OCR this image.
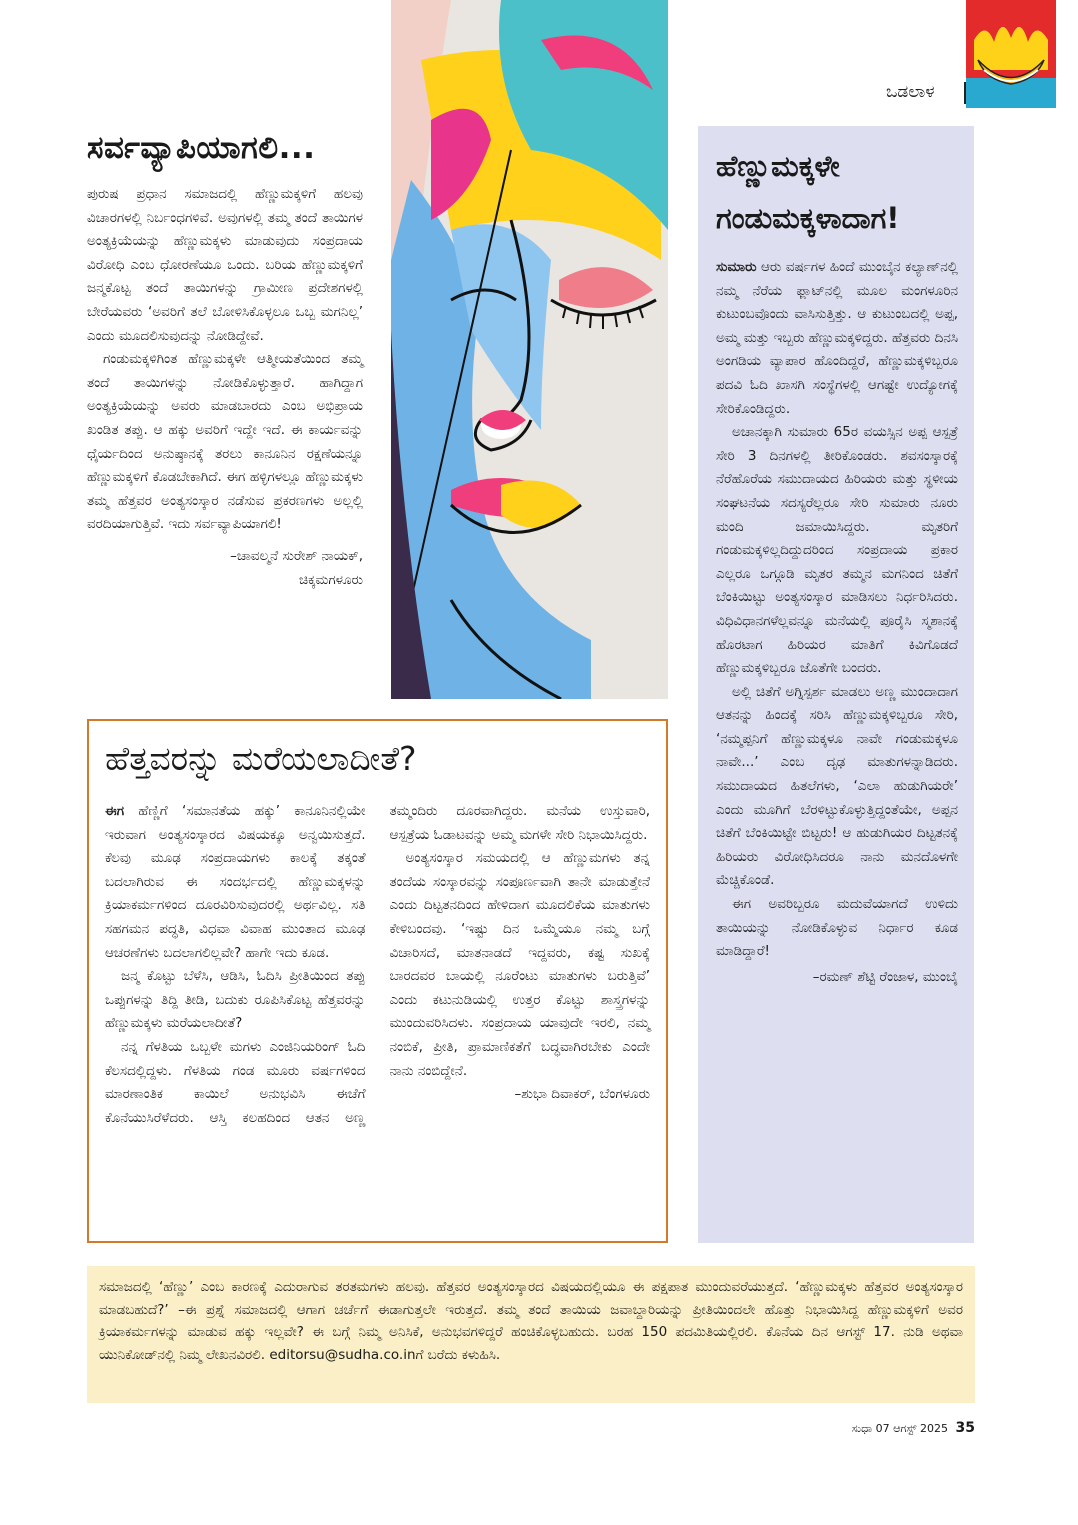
ಒಡಲಾಳ
ಸರ್ವವ್ಯಾಪಿಯಾಗಲಿ...

ಪುರುಷ ಪ್ರಧಾನ ಸಮಾಜದಲ್ಲಿ ಹೆಣ್ಣುಮಕ್ಕಳಿಗೆ ಹಲವು ವಿಚಾರಗಳಲ್ಲಿ ನಿರ್ಬಂಧಗಳಿವೆ. ಅವುಗಳಲ್ಲಿ ತಮ್ಮ ತಂದೆ ತಾಯಿಗಳ ಅಂತ್ಯಕ್ರಿಯೆಯನ್ನು ಹೆಣ್ಣುಮಕ್ಕಳು ಮಾಡುವುದು ಸಂಪ್ರದಾಯ ವಿರೋಧಿ ಎಂಬ ಧೋರಣೆಯೂ ಒಂದು. ಬರಿಯ ಹೆಣ್ಣುಮಕ್ಕಳಿಗೆ ಜನ್ಮಕೊಟ್ಟ ತಂದೆ ತಾಯಿಗಳನ್ನು ಗ್ರಾಮೀಣ ಪ್ರದೇಶಗಳಲ್ಲಿ ಬೇರೆಯವರು ‘ಅವರಿಗೆ ತಲೆ ಬೋಳಿಸಿಕೊಳ್ಳಲೂ ಒಬ್ಬ ಮಗನಿಲ್ಲ’ ಎಂದು ಮೂದಲಿಸುವುದನ್ನು ನೋಡಿದ್ದೇವೆ.

ಗಂಡುಮಕ್ಕಳಿಗಿಂತ ಹೆಣ್ಣುಮಕ್ಕಳೇ ಆತ್ಮೀಯತೆಯಿಂದ ತಮ್ಮ ತಂದೆ ತಾಯಿಗಳನ್ನು ನೋಡಿಕೊಳ್ಳುತ್ತಾರೆ. ಹಾಗಿದ್ದಾಗ ಅಂತ್ಯಕ್ರಿಯೆಯನ್ನು ಅವರು ಮಾಡಬಾರದು ಎಂಬ ಅಭಿಪ್ರಾಯ ಖಂಡಿತ ತಪ್ಪು. ಆ ಹಕ್ಕು ಅವರಿಗೆ ಇದ್ದೇ ಇದೆ. ಈ ಕಾರ್ಯವನ್ನು ಧೈರ್ಯದಿಂದ ಅನುಷ್ಠಾನಕ್ಕೆ ತರಲು ಕಾನೂನಿನ ರಕ್ಷಣೆಯನ್ನೂ ಹೆಣ್ಣುಮಕ್ಕಳಿಗೆ ಕೊಡಬೇಕಾಗಿದೆ. ಈಗ ಹಳ್ಳಿಗಳಲ್ಲೂ ಹೆಣ್ಣುಮಕ್ಕಳು ತಮ್ಮ ಹೆತ್ತವರ ಅಂತ್ಯಸಂಸ್ಕಾರ ನಡೆಸುವ ಪ್ರಕರಣಗಳು ಅಲ್ಲಲ್ಲಿ ವರದಿಯಾಗುತ್ತಿವೆ. ಇದು ಸರ್ವವ್ಯಾಪಿಯಾಗಲಿ!

–ಚಾವಲ್ಮನೆ ಸುರೇಶ್ ನಾಯಕ್,

ಚಿಕ್ಕಮಗಳೂರು

ಹೆಣ್ಣುಮಕ್ಕಳೇ
ಗಂಡುಮಕ್ಕಳಾದಾಗ!

ಸುಮಾರು ಆರು ವರ್ಷಗಳ ಹಿಂದೆ ಮುಂಬೈನ ಕಲ್ಯಾಣ್‌ನಲ್ಲಿ ನಮ್ಮ ನೆರೆಯ ಫ್ಲಾಟ್‌ನಲ್ಲಿ ಮೂಲ ಮಂಗಳೂರಿನ ಕುಟುಂಬವೊಂದು ವಾಸಿಸುತ್ತಿತ್ತು. ಆ ಕುಟುಂಬದಲ್ಲಿ ಅಪ್ಪ, ಅಮ್ಮ ಮತ್ತು ಇಬ್ಬರು ಹೆಣ್ಣುಮಕ್ಕಳಿದ್ದರು. ಹೆತ್ತವರು ದಿನಸಿ ಅಂಗಡಿಯ ವ್ಯಾಪಾರ ಹೊಂದಿದ್ದರೆ, ಹೆಣ್ಣುಮಕ್ಕಳಿಬ್ಬರೂ ಪದವಿ ಓದಿ ಖಾಸಗಿ ಸಂಸ್ಥೆಗಳಲ್ಲಿ ಆಗಷ್ಟೇ ಉದ್ಯೋಗಕ್ಕೆ ಸೇರಿಕೊಂಡಿದ್ದರು.

ಅಚಾನಕ್ಕಾಗಿ ಸುಮಾರು 65ರ ವಯಸ್ಸಿನ ಅಪ್ಪ ಆಸ್ಪತ್ರೆ ಸೇರಿ 3 ದಿನಗಳಲ್ಲಿ ತೀರಿಕೊಂಡರು. ಶವಸಂಸ್ಕಾರಕ್ಕೆ ನೆರೆಹೊರೆಯ ಸಮುದಾಯದ ಹಿರಿಯರು ಮತ್ತು ಸ್ಥಳೀಯ ಸಂಘಟನೆಯ ಸದಸ್ಯರೆಲ್ಲರೂ ಸೇರಿ ಸುಮಾರು ನೂರು ಮಂದಿ ಜಮಾಯಿಸಿದ್ದರು. ಮೃತರಿಗೆ ಗಂಡುಮಕ್ಕಳಿಲ್ಲದಿದ್ದುದರಿಂದ ಸಂಪ್ರದಾಯ ಪ್ರಕಾರ ಎಲ್ಲರೂ ಒಗ್ಗೂಡಿ ಮೃತರ ತಮ್ಮನ ಮಗನಿಂದ ಚಿತೆಗೆ ಬೆಂಕಿಯಿಟ್ಟು ಅಂತ್ಯಸಂಸ್ಕಾರ ಮಾಡಿಸಲು ನಿರ್ಧರಿಸಿದರು. ವಿಧಿವಿಧಾನಗಳೆಲ್ಲವನ್ನೂ ಮನೆಯಲ್ಲಿ ಪೂರೈಸಿ ಸ್ಮಶಾನಕ್ಕೆ ಹೊರಟಾಗ ಹಿರಿಯರ ಮಾತಿಗೆ ಕಿವಿಗೊಡದೆ ಹೆಣ್ಣುಮಕ್ಕಳಿಬ್ಬರೂ ಜೊತೆಗೇ ಬಂದರು.

ಅಲ್ಲಿ ಚಿತೆಗೆ ಅಗ್ನಿಸ್ಪರ್ಶ ಮಾಡಲು ಅಣ್ಣ ಮುಂದಾದಾಗ ಆತನನ್ನು ಹಿಂದಕ್ಕೆ ಸರಿಸಿ ಹೆಣ್ಣುಮಕ್ಕಳಿಬ್ಬರೂ ಸೇರಿ, ‘ನಮ್ಮಪ್ಪನಿಗೆ ಹೆಣ್ಣುಮಕ್ಕಳೂ ನಾವೇ ಗಂಡುಮಕ್ಕಳೂ ನಾವೇ...’ ಎಂಬ ದೃಢ ಮಾತುಗಳನ್ನಾಡಿದರು. ಸಮುದಾಯದ ಹಿತಲೆಗಳು, ‘ಎಲಾ ಹುಡುಗಿಯರೇ’ ಎಂದು ಮೂಗಿಗೆ ಬೆರಳಿಟ್ಟುಕೊಳ್ಳುತ್ತಿದ್ದಂತೆಯೇ, ಅಪ್ಪನ ಚಿತೆಗೆ ಬೆಂಕಿಯಿಟ್ಟೇ ಬಿಟ್ಟರು! ಆ ಹುಡುಗಿಯರ ದಿಟ್ಟತನಕ್ಕೆ ಹಿರಿಯರು ವಿರೋಧಿಸಿದರೂ ನಾನು ಮನದೊಳಗೇ ಮೆಚ್ಚಿಕೊಂಡೆ.

ಈಗ ಅವರಿಬ್ಬರೂ ಮದುವೆಯಾಗದೆ ಉಳಿದು ತಾಯಿಯನ್ನು ನೋಡಿಕೊಳ್ಳುವ ನಿರ್ಧಾರ ಕೂಡ ಮಾಡಿದ್ದಾರೆ!

–ರಮಣ್ ಶೆಟ್ಟಿ ರೆಂಜಾಳ, ಮುಂಬೈ

ಹೆತ್ತವರನ್ನು ಮರೆಯಲಾದೀತೆ?

ಈಗ ಹೆಣ್ಣಿಗೆ ‘ಸಮಾನತೆಯ ಹಕ್ಕು’ ಕಾನೂನಿನಲ್ಲಿಯೇ ಇರುವಾಗ ಅಂತ್ಯಸಂಸ್ಕಾರದ ವಿಷಯಕ್ಕೂ ಅನ್ವಯಿಸುತ್ತದೆ. ಕೆಲವು ಮೂಢ ಸಂಪ್ರದಾಯಗಳು ಕಾಲಕ್ಕೆ ತಕ್ಕಂತೆ ಬದಲಾಗಿರುವ ಈ ಸಂದರ್ಭದಲ್ಲಿ ಹೆಣ್ಣುಮಕ್ಕಳನ್ನು ಕ್ರಿಯಾಕರ್ಮಗಳಿಂದ ದೂರವಿರಿಸುವುದರಲ್ಲಿ ಅರ್ಥವಿಲ್ಲ. ಸತಿ ಸಹಗಮನ ಪದ್ಧತಿ, ವಿಧವಾ ವಿವಾಹ ಮುಂತಾದ ಮೂಢ ಆಚರಣೆಗಳು ಬದಲಾಗಲಿಲ್ಲವೇ? ಹಾಗೇ ಇದು ಕೂಡ.

ಜನ್ಮ ಕೊಟ್ಟು ಬೆಳೆಸಿ, ಆಡಿಸಿ, ಓದಿಸಿ ಪ್ರೀತಿಯಿಂದ ತಪ್ಪು ಒಪ್ಪುಗಳನ್ನು ತಿದ್ದಿ ತೀಡಿ, ಬದುಕು ರೂಪಿಸಿಕೊಟ್ಟ ಹೆತ್ತವರನ್ನು ಹೆಣ್ಣುಮಕ್ಕಳು ಮರೆಯಲಾದೀತೆ?

ನನ್ನ ಗೆಳತಿಯ ಒಬ್ಬಳೇ ಮಗಳು ಎಂಜಿನಿಯರಿಂಗ್ ಓದಿ ಕೆಲಸದಲ್ಲಿದ್ದಳು. ಗೆಳತಿಯ ಗಂಡ ಮೂರು ವರ್ಷಗಳಿಂದ ಮಾರಣಾಂತಿಕ ಕಾಯಿಲೆ ಅನುಭವಿಸಿ ಈಚೆಗೆ ಕೊನೆಯುಸಿರೆಳೆದರು. ಆಸ್ತಿ ಕಲಹದಿಂದ ಆತನ ಅಣ್ಣ ತಮ್ಮಂದಿರು ದೂರವಾಗಿದ್ದರು. ಮನೆಯ ಉಸ್ತುವಾರಿ, ಆಸ್ಪತ್ರೆಯ ಓಡಾಟವನ್ನು ಅಮ್ಮ ಮಗಳೇ ಸೇರಿ ನಿಭಾಯಿಸಿದ್ದರು.

ಅಂತ್ಯಸಂಸ್ಕಾರ ಸಮಯದಲ್ಲಿ ಆ ಹೆಣ್ಣುಮಗಳು ತನ್ನ ತಂದೆಯ ಸಂಸ್ಕಾರವನ್ನು ಸಂಪೂರ್ಣವಾಗಿ ತಾನೇ ಮಾಡುತ್ತೇನೆ ಎಂದು ದಿಟ್ಟತನದಿಂದ ಹೇಳಿದಾಗ ಮೂದಲಿಕೆಯ ಮಾತುಗಳು ಕೇಳಿಬಂದವು. ‘ಇಷ್ಟು ದಿನ ಒಮ್ಮೆಯೂ ನಮ್ಮ ಬಗ್ಗೆ ವಿಚಾರಿಸದೆ, ಮಾತನಾಡದೆ ಇದ್ದವರು, ಕಷ್ಟ ಸುಖಕ್ಕೆ ಬಾರದವರ ಬಾಯಲ್ಲಿ ನೂರೆಂಟು ಮಾತುಗಳು ಬರುತ್ತಿವೆ’ ಎಂದು ಕಟುನುಡಿಯಲ್ಲಿ ಉತ್ತರ ಕೊಟ್ಟು ಶಾಸ್ತ್ರಗಳನ್ನು ಮುಂದುವರಿಸಿದಳು. ಸಂಪ್ರದಾಯ ಯಾವುದೇ ಇರಲಿ, ನಮ್ಮ ನಂಬಿಕೆ, ಪ್ರೀತಿ, ಪ್ರಾಮಾಣಿಕತೆಗೆ ಬದ್ಧವಾಗಿರಬೇಕು ಎಂದೇ ನಾನು ನಂಬಿದ್ದೇನೆ.

–ಶುಭಾ ದಿವಾಕರ್, ಬೆಂಗಳೂರು

ಸಮಾಜದಲ್ಲಿ ‘ಹೆಣ್ಣು’ ಎಂಬ ಕಾರಣಕ್ಕೆ ಎದುರಾಗುವ ತರತಮಗಳು ಹಲವು. ಹೆತ್ತವರ ಅಂತ್ಯಸಂಸ್ಕಾರದ ವಿಷಯದಲ್ಲಿಯೂ ಈ ಪಕ್ಷಪಾತ ಮುಂದುವರೆಯುತ್ತದೆ. ‘ಹೆಣ್ಣುಮಕ್ಕಳು ಹೆತ್ತವರ ಅಂತ್ಯಸಂಸ್ಕಾರ ಮಾಡಬಹುದೆ?’ –ಈ ಪ್ರಶ್ನೆ ಸಮಾಜದಲ್ಲಿ ಆಗಾಗ ಚರ್ಚೆಗೆ ಈಡಾಗುತ್ತಲೇ ಇರುತ್ತದೆ. ತಮ್ಮ ತಂದೆ ತಾಯಿಯ ಜವಾಬ್ದಾರಿಯನ್ನು ಪ್ರೀತಿಯಿಂದಲೇ ಹೊತ್ತು ನಿಭಾಯಿಸಿದ್ದ ಹೆಣ್ಣುಮಕ್ಕಳಿಗೆ ಅವರ ಕ್ರಿಯಾಕರ್ಮಗಳನ್ನು ಮಾಡುವ ಹಕ್ಕು ಇಲ್ಲವೇ? ಈ ಬಗ್ಗೆ ನಿಮ್ಮ ಅನಿಸಿಕೆ, ಅನುಭವಗಳಿದ್ದರೆ ಹಂಚಿಕೊಳ್ಳಬಹುದು. ಬರಹ 150 ಪದಮಿತಿಯಲ್ಲಿರಲಿ. ಕೊನೆಯ ದಿನ ಆಗಸ್ಟ್ 17. ನುಡಿ ಅಥವಾ ಯುನಿಕೋಡ್‌ನಲ್ಲಿ ನಿಮ್ಮ ಲೇಖನವಿರಲಿ. editorsu@sudha.co.inಗೆ ಬರೆದು ಕಳುಹಿಸಿ.

ಸುಧಾ 07 ಆಗಸ್ಟ್ 2025 35
